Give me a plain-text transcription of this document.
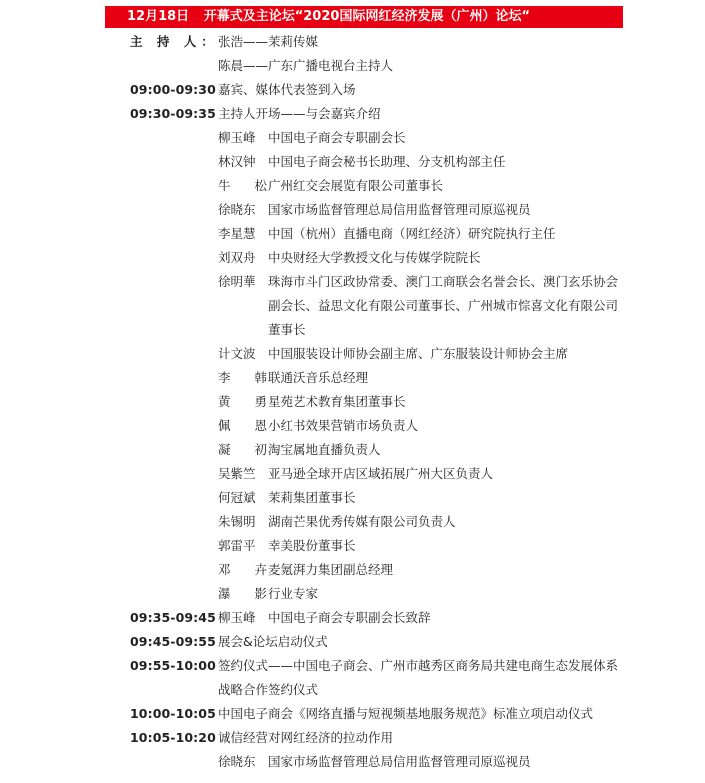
12月18日 开幕式及主论坛“2020国际网红经济发展（广州）论坛“
主 持 人： 张浩——茉莉传媒
陈晨——广东广播电视台主持人
09:00-09:30 嘉宾、媒体代表签到入场
09:30-09:35 主持人开场——与会嘉宾介绍
柳玉峰 中国电子商会专职副会长
林汉钟 中国电子商会秘书长助理、分支机构部主任
牛 松
广州红交会展览有限公司董事长
徐晓东 国家市场监督管理总局信用监督管理司原巡视员
李星慧 中国（杭州）直播电商（网红经济）研究院执行主任
刘双舟 中央财经大学教授文化与传媒学院院长
徐明華 珠海市斗门区政协常委、澳门工商联会名誉会长、澳门玄乐协会副会长、益思文化有限公司董事长、广州城市悰喜文化有限公司董事长
计文波 中国服装设计师协会副主席、广东服装设计师协会主席
李 韩
联通沃音乐总经理
黄 勇
星苑艺术教育集团董事长
佩 恩
小红书效果营销市场负责人
凝 初
淘宝属地直播负责人
吴紫竺 亚马逊全球开店区域拓展广州大区负责人
何冠斌 茉莉集团董事长
朱锡明 湖南芒果优秀传媒有限公司负责人
郭雷平 幸美股份董事长
邓 卉
麦氪湃力集团副总经理
瀑 影
行业专家
09:35-09:45 柳玉峰　中国电子商会专职副会长致辞
09:45-09:55 展会&论坛启动仪式
09:55-10:00 签约仪式——中国电子商会、广州市越秀区商务局共建电商生态发展体系
战略合作签约仪式
10:00-10:05 中国电子商会《网络直播与短视频基地服务规范》标准立项启动仪式
10:05-10:20 诚信经营对网红经济的拉动作用
徐晓东 国家市场监督管理总局信用监督管理司原巡视员
